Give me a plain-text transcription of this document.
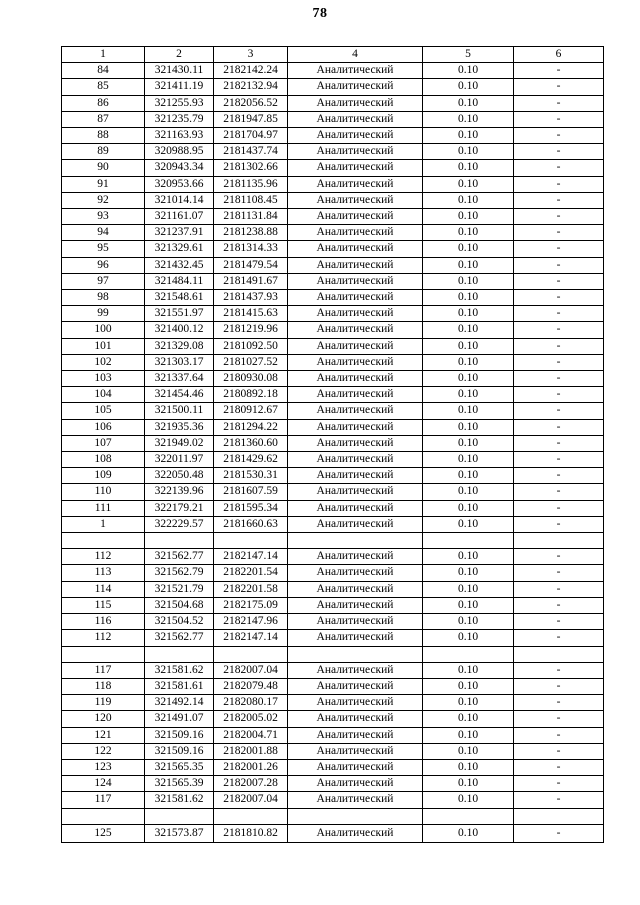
78
1	2	3	4	5	6
84	321430.11	2182142.24	Аналитический	0.10	-
85	321411.19	2182132.94	Аналитический	0.10	-
86	321255.93	2182056.52	Аналитический	0.10	-
87	321235.79	2181947.85	Аналитический	0.10	-
88	321163.93	2181704.97	Аналитический	0.10	-
89	320988.95	2181437.74	Аналитический	0.10	-
90	320943.34	2181302.66	Аналитический	0.10	-
91	320953.66	2181135.96	Аналитический	0.10	-
92	321014.14	2181108.45	Аналитический	0.10	-
93	321161.07	2181131.84	Аналитический	0.10	-
94	321237.91	2181238.88	Аналитический	0.10	-
95	321329.61	2181314.33	Аналитический	0.10	-
96	321432.45	2181479.54	Аналитический	0.10	-
97	321484.11	2181491.67	Аналитический	0.10	-
98	321548.61	2181437.93	Аналитический	0.10	-
99	321551.97	2181415.63	Аналитический	0.10	-
100	321400.12	2181219.96	Аналитический	0.10	-
101	321329.08	2181092.50	Аналитический	0.10	-
102	321303.17	2181027.52	Аналитический	0.10	-
103	321337.64	2180930.08	Аналитический	0.10	-
104	321454.46	2180892.18	Аналитический	0.10	-
105	321500.11	2180912.67	Аналитический	0.10	-
106	321935.36	2181294.22	Аналитический	0.10	-
107	321949.02	2181360.60	Аналитический	0.10	-
108	322011.97	2181429.62	Аналитический	0.10	-
109	322050.48	2181530.31	Аналитический	0.10	-
110	322139.96	2181607.59	Аналитический	0.10	-
111	322179.21	2181595.34	Аналитический	0.10	-
1	322229.57	2181660.63	Аналитический	0.10	-

112	321562.77	2182147.14	Аналитический	0.10	-
113	321562.79	2182201.54	Аналитический	0.10	-
114	321521.79	2182201.58	Аналитический	0.10	-
115	321504.68	2182175.09	Аналитический	0.10	-
116	321504.52	2182147.96	Аналитический	0.10	-
112	321562.77	2182147.14	Аналитический	0.10	-

117	321581.62	2182007.04	Аналитический	0.10	-
118	321581.61	2182079.48	Аналитический	0.10	-
119	321492.14	2182080.17	Аналитический	0.10	-
120	321491.07	2182005.02	Аналитический	0.10	-
121	321509.16	2182004.71	Аналитический	0.10	-
122	321509.16	2182001.88	Аналитический	0.10	-
123	321565.35	2182001.26	Аналитический	0.10	-
124	321565.39	2182007.28	Аналитический	0.10	-
117	321581.62	2182007.04	Аналитический	0.10	-

125	321573.87	2181810.82	Аналитический	0.10	-
